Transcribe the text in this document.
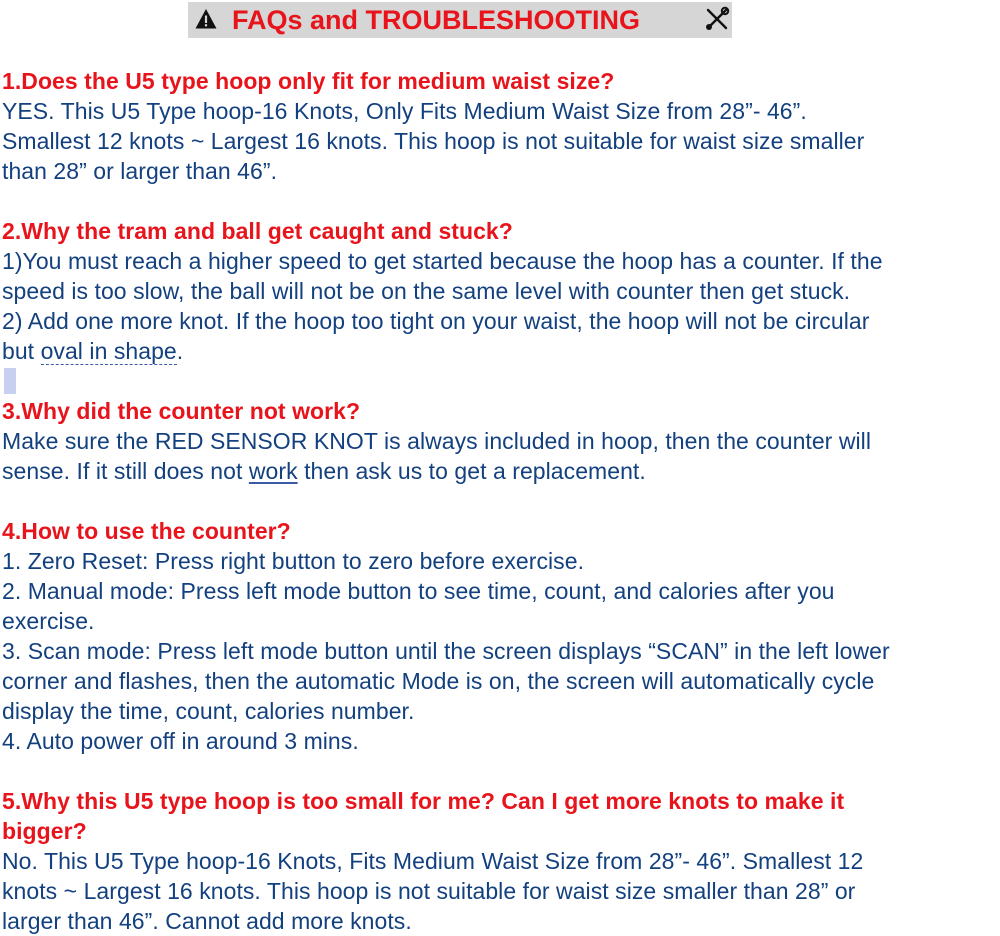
FAQs and TROUBLESHOOTING

1.Does the U5 type hoop only fit for medium waist size?

YES. This U5 Type hoop-16 Knots, Only Fits Medium Waist Size from 28”- 46”.

Smallest 12 knots ~ Largest 16 knots. This hoop is not suitable for waist size smaller

than 28” or larger than 46”.

2.Why the tram and ball get caught and stuck?

1)You must reach a higher speed to get started because the hoop has a counter. If the

speed is too slow, the ball will not be on the same level with counter then get stuck.

2) Add one more knot. If the hoop too tight on your waist, the hoop will not be circular

but oval in shape.

3.Why did the counter not work?

Make sure the RED SENSOR KNOT is always included in hoop, then the counter will

sense. If it still does not work then ask us to get a replacement.

4.How to use the counter?

1. Zero Reset: Press right button to zero before exercise.

2. Manual mode: Press left mode button to see time, count, and calories after you

exercise.

3. Scan mode: Press left mode button until the screen displays “SCAN” in the left lower

corner and flashes, then the automatic Mode is on, the screen will automatically cycle

display the time, count, calories number.

4. Auto power off in around 3 mins.

5.Why this U5 type hoop is too small for me? Can I get more knots to make it

bigger?

No. This U5 Type hoop-16 Knots, Fits Medium Waist Size from 28”- 46”. Smallest 12

knots ~ Largest 16 knots. This hoop is not suitable for waist size smaller than 28” or

larger than 46”. Cannot add more knots.
